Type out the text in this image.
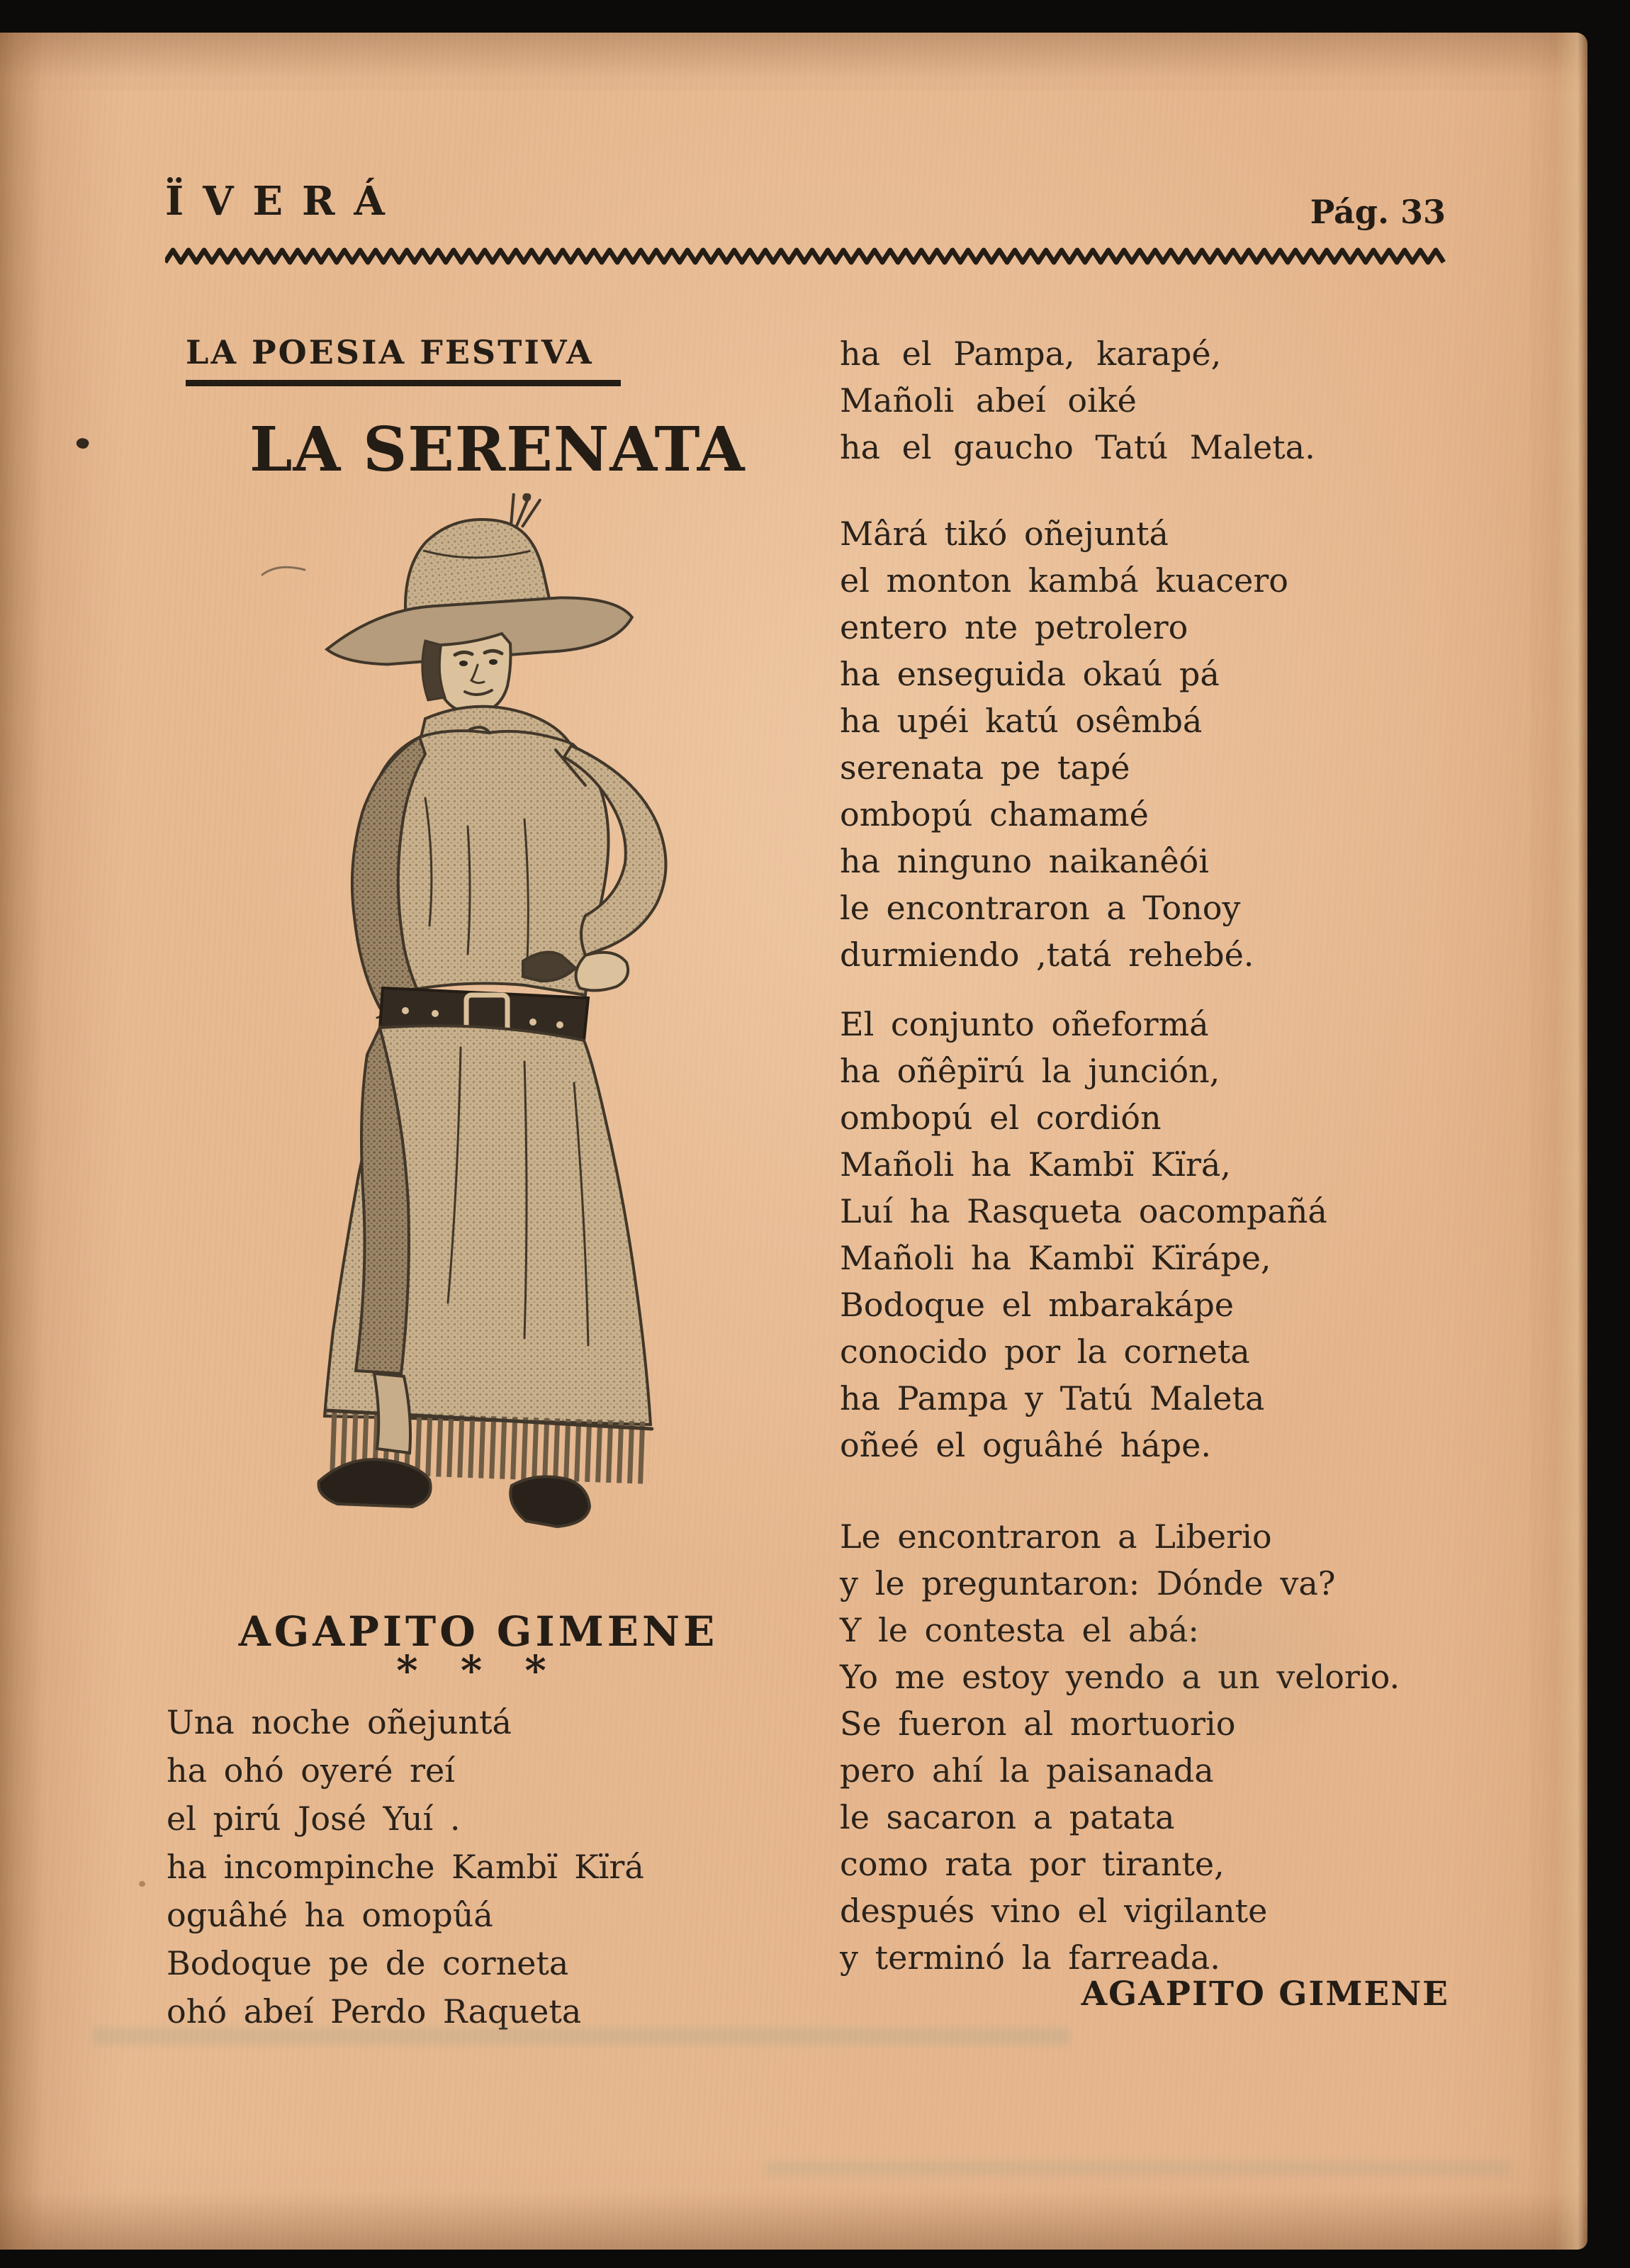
ÏVERÁ	Pág. 33
LA POESIA FESTIVA
LA SERENATA
AGAPITO GIMENE
* * *

Una noche oñejuntá

ha ohó oyeré reí

el pirú José Yuí .

ha incompinche Kambï Kïrá

oguâhé ha omopûá

Bodoque pe de corneta

ohó abeí Perdo Raqueta

ha el Pampa, karapé,

Mañoli abeí oiké

ha el gaucho Tatú Maleta.

Mârá tikó oñejuntá

el monton kambá kuacero

entero nte petrolero

ha enseguida okaú pá

ha upéi katú osêmbá

serenata pe tapé

ombopú chamamé

ha ninguno naikanêói

le encontraron a Tonoy

durmiendo ,tatá rehebé.

El conjunto oñeformá

ha oñêpïrú la junción,

ombopú el cordión

Mañoli ha Kambï Kïrá,

Luí ha Rasqueta oacompañá

Mañoli ha Kambï Kïrápe,

Bodoque el mbarakápe

conocido por la corneta

ha Pampa y Tatú Maleta

oñeé el oguâhé hápe.

Le encontraron a Liberio

y le preguntaron: Dónde va?

Y le contesta el abá:

Yo me estoy yendo a un velorio.

Se fueron al mortuorio

pero ahí la paisanada

le sacaron a patata

como rata por tirante,

después vino el vigilante

y terminó la farreada.

AGAPITO GIMENE
